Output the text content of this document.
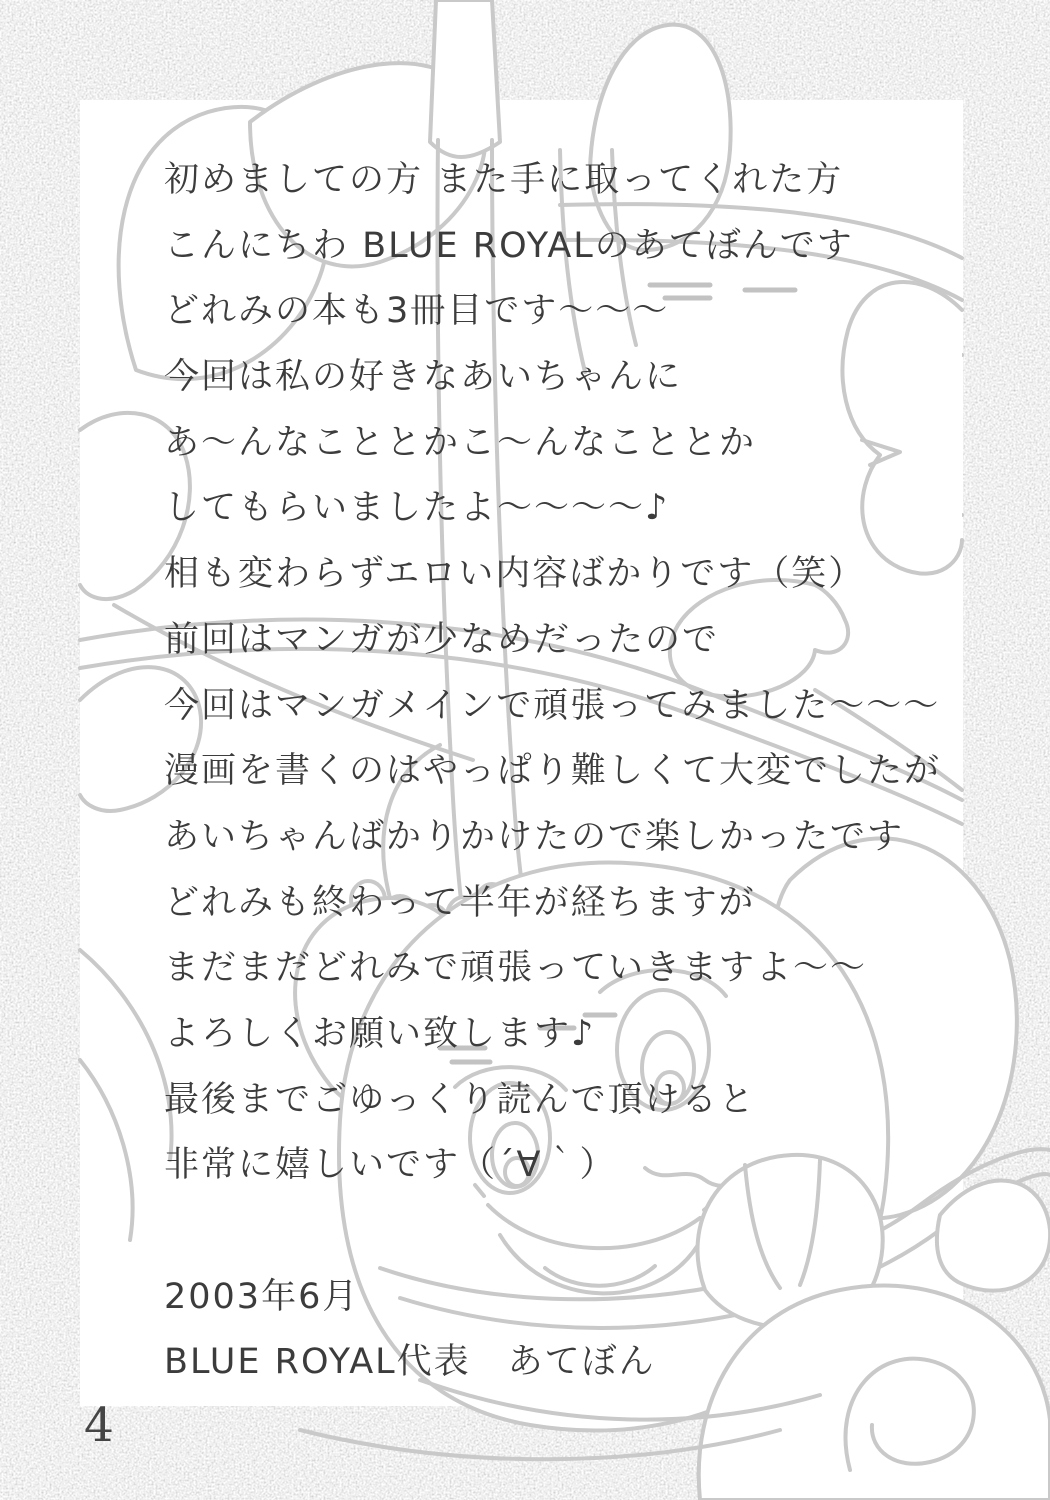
初めましての方 また手に取ってくれた方
こんにちわ BLUE ROYALのあてぼんです
どれみの本も3冊目です～～～
今回は私の好きなあいちゃんに
あ～んなこととかこ～んなこととか
してもらいましたよ～～～～♪
相も変わらずエロい内容ばかりです（笑）
前回はマンガが少なめだったので
今回はマンガメインで頑張ってみました～～～
漫画を書くのはやっぱり難しくて大変でしたが
あいちゃんばかりかけたので楽しかったです
どれみも終わって半年が経ちますが
まだまだどれみで頑張っていきますよ～～
よろしくお願い致します♪
最後までごゆっくり読んで頂けると
非常に嬉しいです（´∀｀）
2003年6月
BLUE ROYAL代表　あてぼん
4
